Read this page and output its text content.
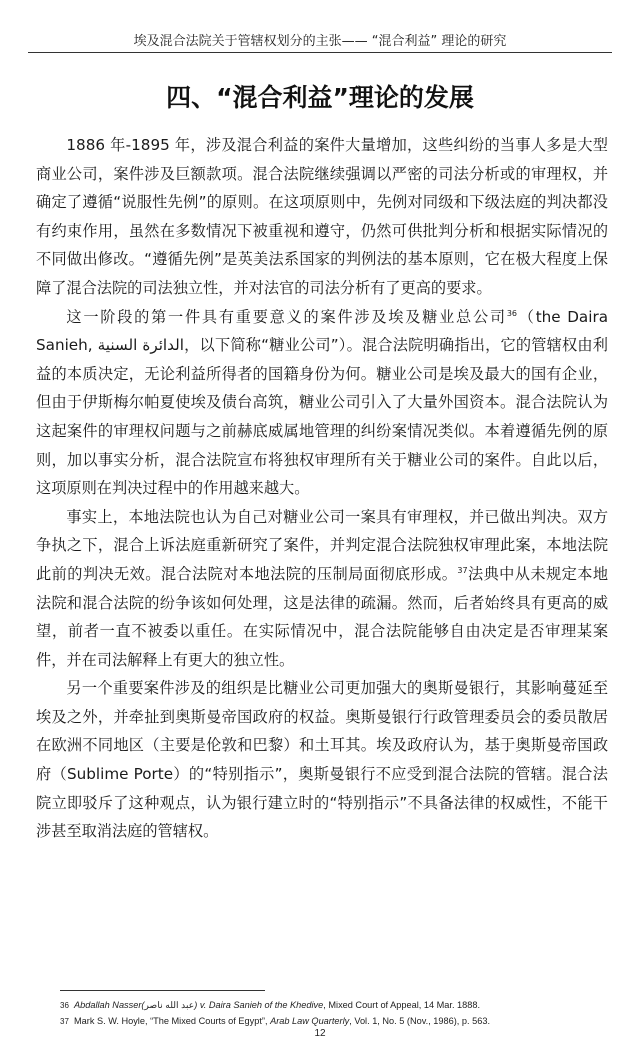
埃及混合法院关于管辖权划分的主张—— “混合利益” 理论的研究
四、“混合利益”理论的发展

1886 年-1895 年，涉及混合利益的案件大量增加，这些纠纷的当事人多是大型商业公司，案件涉及巨额款项。混合法院继续强调以严密的司法分析或的审理权，并确定了遵循“说服性先例”的原则。在这项原则中，先例对同级和下级法庭的判决都没有约束作用，虽然在多数情况下被重视和遵守，仍然可供批判分析和根据实际情况的不同做出修改。“遵循先例”是英美法系国家的判例法的基本原则，它在极大程度上保障了混合法院的司法独立性，并对法官的司法分析有了更高的要求。

这一阶段的第一件具有重要意义的案件涉及埃及糖业总公司$^{36}$（the Daira Sanieh, الدائرة السنية，以下简称“糖业公司”）。混合法院明确指出，它的管辖权由利益的本质决定，无论利益所得者的国籍身份为何。糖业公司是埃及最大的国有企业，但由于伊斯梅尔帕夏使埃及债台高筑，糖业公司引入了大量外国资本。混合法院认为这起案件的审理权问题与之前赫底威属地管理的纠纷案情况类似。本着遵循先例的原则，加以事实分析，混合法院宣布将独权审理所有关于糖业公司的案件。自此以后，这项原则在判决过程中的作用越来越大。

事实上，本地法院也认为自己对糖业公司一案具有审理权，并已做出判决。双方争执之下，混合上诉法庭重新研究了案件，并判定混合法院独权审理此案，本地法院此前的判决无效。混合法院对本地法院的压制局面彻底形成。$^{37}$法典中从未规定本地法院和混合法院的纷争该如何处理，这是法律的疏漏。然而，后者始终具有更高的威望，前者一直不被委以重任。在实际情况中，混合法院能够自由决定是否审理某案件，并在司法解释上有更大的独立性。

另一个重要案件涉及的组织是比糖业公司更加强大的奥斯曼银行，其影响蔓延至埃及之外，并牵扯到奥斯曼帝国政府的权益。奥斯曼银行行政管理委员会的委员散居在欧洲不同地区（主要是伦敦和巴黎）和土耳其。埃及政府认为，基于奥斯曼帝国政府（Sublime Porte）的“特别指示”，奥斯曼银行不应受到混合法院的管辖。混合法院立即驳斥了这种观点，认为银行建立时的“特别指示”不具备法律的权威性，不能干涉甚至取消法庭的管辖权。

36 Abdallah Nasser(عبد الله ناصر) v. Daira Sanieh of the Khedive, Mixed Court of Appeal, 14 Mar. 1888.
37 Mark S. W. Hoyle, “The Mixed Courts of Egypt”, Arab Law Quarterly, Vol. 1, No. 5 (Nov., 1986), p. 563.
12
